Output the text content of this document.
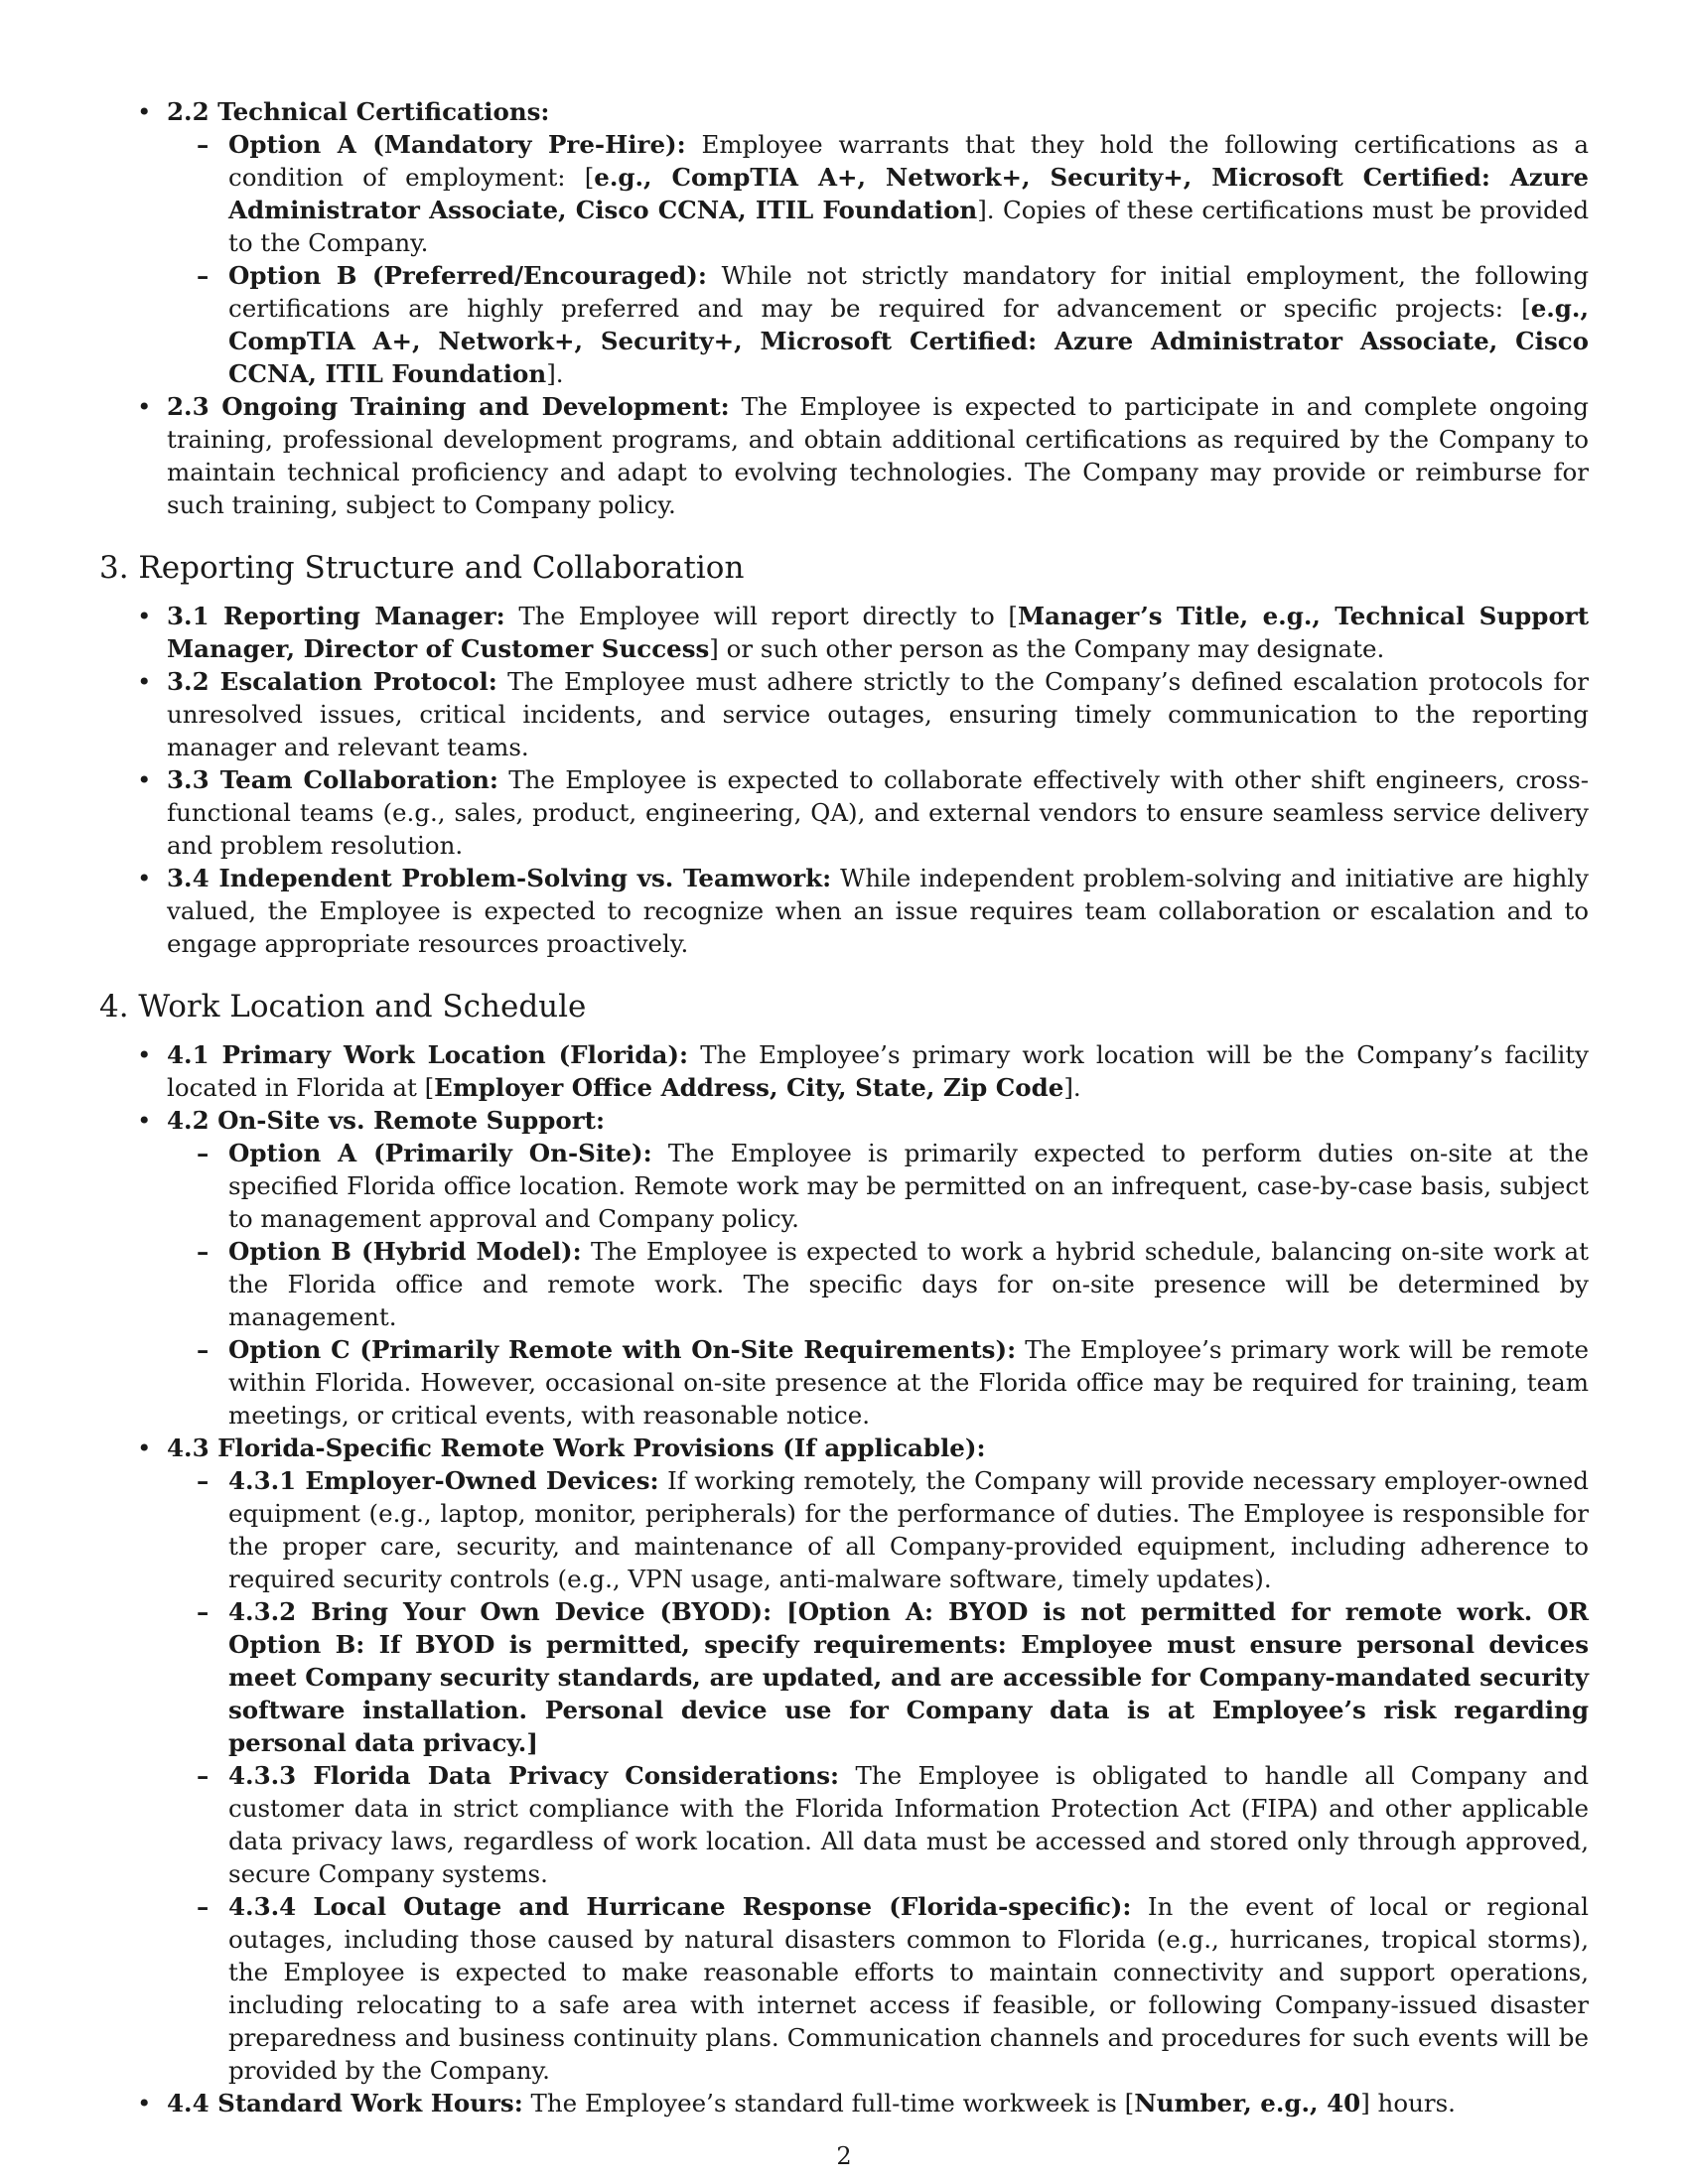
• 2.2 Technical Certifications:
– Option A (Mandatory Pre-Hire): Employee warrants that they hold the following certifications as a condition of employment: [e.g., CompTIA A+, Network+, Security+, Microsoft Certified: Azure Administrator Associate, Cisco CCNA, ITIL Foundation]. Copies of these certifications must be provided to the Company.
– Option B (Preferred/Encouraged): While not strictly mandatory for initial employment, the following certifications are highly preferred and may be required for advancement or specific projects: [e.g., CompTIA A+, Network+, Security+, Microsoft Certified: Azure Administrator Associate, Cisco CCNA, ITIL Foundation].
• 2.3 Ongoing Training and Development: The Employee is expected to participate in and complete ongoing training, professional development programs, and obtain additional certifications as required by the Company to maintain technical proficiency and adapt to evolving technologies. The Company may provide or reimburse for such training, subject to Company policy.
3. Reporting Structure and Collaboration
• 3.1 Reporting Manager: The Employee will report directly to [Manager’s Title, e.g., Technical Support Manager, Director of Customer Success] or such other person as the Company may designate.
• 3.2 Escalation Protocol: The Employee must adhere strictly to the Company’s defined escalation protocols for unresolved issues, critical incidents, and service outages, ensuring timely communication to the reporting manager and relevant teams.
• 3.3 Team Collaboration: The Employee is expected to collaborate effectively with other shift engineers, cross-functional teams (e.g., sales, product, engineering, QA), and external vendors to ensure seamless service delivery and problem resolution.
• 3.4 Independent Problem-Solving vs. Teamwork: While independent problem-solving and initiative are highly valued, the Employee is expected to recognize when an issue requires team collaboration or escalation and to engage appropriate resources proactively.
4. Work Location and Schedule
• 4.1 Primary Work Location (Florida): The Employee’s primary work location will be the Company’s facility located in Florida at [Employer Office Address, City, State, Zip Code].
• 4.2 On-Site vs. Remote Support:
– Option A (Primarily On-Site): The Employee is primarily expected to perform duties on-site at the specified Florida office location. Remote work may be permitted on an infrequent, case-by-case basis, subject to management approval and Company policy.
– Option B (Hybrid Model): The Employee is expected to work a hybrid schedule, balancing on-site work at the Florida office and remote work. The specific days for on-site presence will be determined by management.
– Option C (Primarily Remote with On-Site Requirements): The Employee’s primary work will be remote within Florida. However, occasional on-site presence at the Florida office may be required for training, team meetings, or critical events, with reasonable notice.
• 4.3 Florida-Specific Remote Work Provisions (If applicable):
– 4.3.1 Employer-Owned Devices: If working remotely, the Company will provide necessary employer-owned equipment (e.g., laptop, monitor, peripherals) for the performance of duties. The Employee is responsible for the proper care, security, and maintenance of all Company-provided equipment, including adherence to required security controls (e.g., VPN usage, anti-malware software, timely updates).
– 4.3.2 Bring Your Own Device (BYOD): [Option A: BYOD is not permitted for remote work. OR Option B: If BYOD is permitted, specify requirements: Employee must ensure personal devices meet Company security standards, are updated, and are accessible for Company-mandated security software installation. Personal device use for Company data is at Employee’s risk regarding personal data privacy.]
– 4.3.3 Florida Data Privacy Considerations: The Employee is obligated to handle all Company and customer data in strict compliance with the Florida Information Protection Act (FIPA) and other applicable data privacy laws, regardless of work location. All data must be accessed and stored only through approved, secure Company systems.
– 4.3.4 Local Outage and Hurricane Response (Florida-specific): In the event of local or regional outages, including those caused by natural disasters common to Florida (e.g., hurricanes, tropical storms), the Employee is expected to make reasonable efforts to maintain connectivity and support operations, including relocating to a safe area with internet access if feasible, or following Company-issued disaster preparedness and business continuity plans. Communication channels and procedures for such events will be provided by the Company.
• 4.4 Standard Work Hours: The Employee’s standard full-time workweek is [Number, e.g., 40] hours.
2
